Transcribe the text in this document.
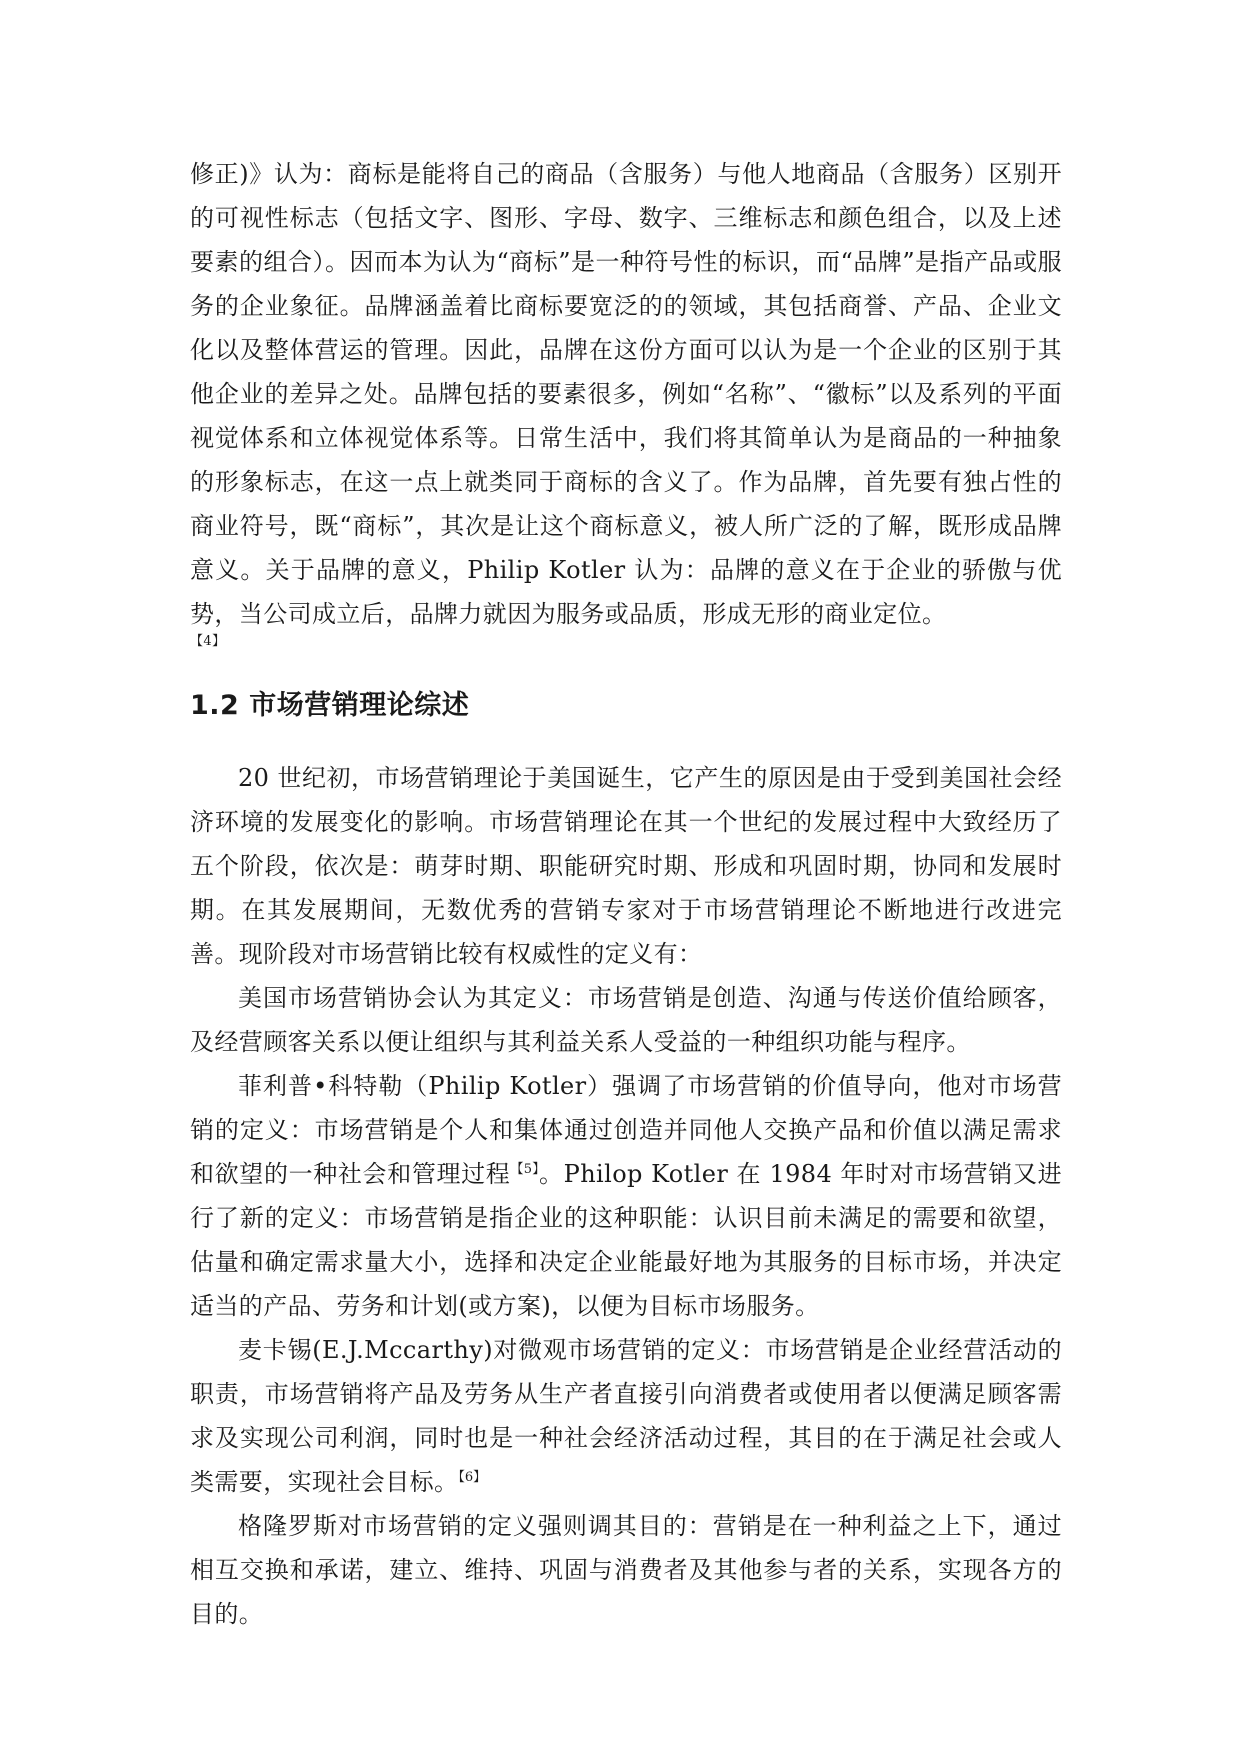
修正)》认为：商标是能将自己的商品（含服务）与他人地商品（含服务）区别开的可视性标志（包括文字、图形、字母、数字、三维标志和颜色组合，以及上述要素的组合）。因而本为认为“商标”是一种符号性的标识，而“品牌”是指产品或服务的企业象征。品牌涵盖着比商标要宽泛的的领域，其包括商誉、产品、企业文化以及整体营运的管理。因此，品牌在这份方面可以认为是一个企业的区别于其他企业的差异之处。品牌包括的要素很多，例如“名称”、“徽标”以及系列的平面视觉体系和立体视觉体系等。日常生活中，我们将其简单认为是商品的一种抽象的形象标志，在这一点上就类同于商标的含义了。作为品牌，首先要有独占性的商业符号，既“商标”，其次是让这个商标意义，被人所广泛的了解，既形成品牌意义。关于品牌的意义，Philip Kotler 认为：品牌的意义在于企业的骄傲与优势，当公司成立后，品牌力就因为服务或品质，形成无形的商业定位。
【4】

1.2 市场营销理论综述

20 世纪初，市场营销理论于美国诞生，它产生的原因是由于受到美国社会经济环境的发展变化的影响。市场营销理论在其一个世纪的发展过程中大致经历了五个阶段，依次是：萌芽时期、职能研究时期、形成和巩固时期，协同和发展时期。在其发展期间，无数优秀的营销专家对于市场营销理论不断地进行改进完善。现阶段对市场营销比较有权威性的定义有：

美国市场营销协会认为其定义：市场营销是创造、沟通与传送价值给顾客，及经营顾客关系以便让组织与其利益关系人受益的一种组织功能与程序。

菲利普•科特勒（Philip Kotler）强调了市场营销的价值导向，他对市场营销的定义：市场营销是个人和集体通过创造并同他人交换产品和价值以满足需求和欲望的一种社会和管理过程$^{【5】}$。Philop Kotler 在 1984 年时对市场营销又进行了新的定义：市场营销是指企业的这种职能：认识目前未满足的需要和欲望，估量和确定需求量大小，选择和决定企业能最好地为其服务的目标市场，并决定适当的产品、劳务和计划(或方案)，以便为目标市场服务。

麦卡锡(E.J.Mccarthy)对微观市场营销的定义：市场营销是企业经营活动的职责，市场营销将产品及劳务从生产者直接引向消费者或使用者以便满足顾客需求及实现公司利润，同时也是一种社会经济活动过程，其目的在于满足社会或人类需要，实现社会目标。$^{【6】}$

格隆罗斯对市场营销的定义强则调其目的：营销是在一种利益之上下，通过相互交换和承诺，建立、维持、巩固与消费者及其他参与者的关系，实现各方的目的。
